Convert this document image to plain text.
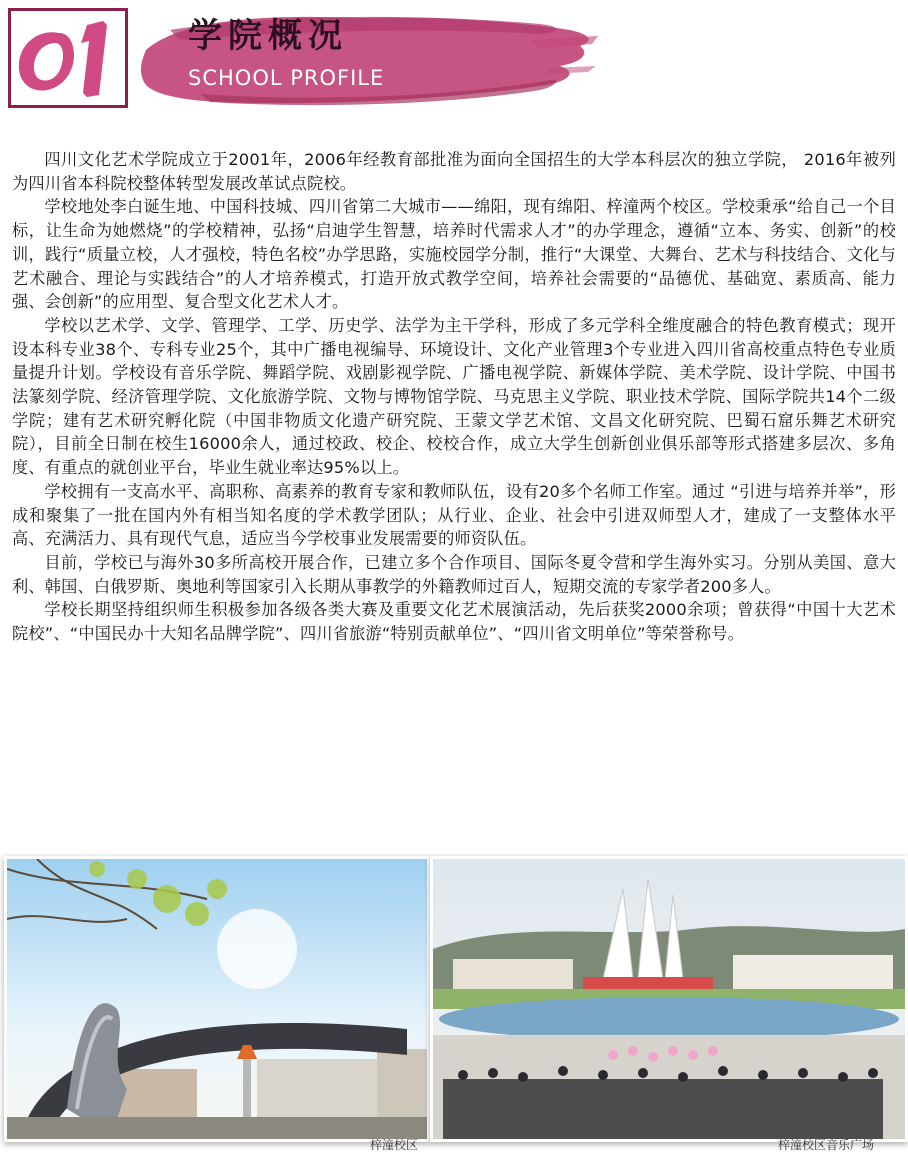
学院概况
SCHOOL PROFILE

四川文化艺术学院成立于2001年，2006年经教育部批准为面向全国招生的大学本科层次的独立学院， 2016年被列为四川省本科院校整体转型发展改革试点院校。

学校地处李白诞生地、中国科技城、四川省第二大城市——绵阳，现有绵阳、梓潼两个校区。学校秉承“给自己一个目标，让生命为她燃烧”的学校精神，弘扬“启迪学生智慧，培养时代需求人才”的办学理念，遵循“立本、务实、创新”的校训，践行“质量立校，人才强校，特色名校”办学思路，实施校园学分制，推行“大课堂、大舞台、艺术与科技结合、文化与艺术融合、理论与实践结合”的人才培养模式，打造开放式教学空间，培养社会需要的“品德优、基础宽、素质高、能力强、会创新”的应用型、复合型文化艺术人才。

学校以艺术学、文学、管理学、工学、历史学、法学为主干学科，形成了多元学科全维度融合的特色教育模式；现开设本科专业38个、专科专业25个，其中广播电视编导、环境设计、文化产业管理3个专业进入四川省高校重点特色专业质量提升计划。学校设有音乐学院、舞蹈学院、戏剧影视学院、广播电视学院、新媒体学院、美术学院、设计学院、中国书法篆刻学院、经济管理学院、文化旅游学院、文物与博物馆学院、马克思主义学院、职业技术学院、国际学院共14个二级学院；建有艺术研究孵化院（中国非物质文化遗产研究院、王蒙文学艺术馆、文昌文化研究院、巴蜀石窟乐舞艺术研究院），目前全日制在校生16000余人，通过校政、校企、校校合作，成立大学生创新创业俱乐部等形式搭建多层次、多角度、有重点的就创业平台，毕业生就业率达95%以上。

学校拥有一支高水平、高职称、高素养的教育专家和教师队伍，设有20多个名师工作室。通过 “引进与培养并举”，形成和聚集了一批在国内外有相当知名度的学术教学团队；从行业、企业、社会中引进双师型人才，建成了一支整体水平高、充满活力、具有现代气息，适应当今学校事业发展需要的师资队伍。

目前，学校已与海外30多所高校开展合作，已建立多个合作项目、国际冬夏令营和学生海外实习。分别从美国、意大利、韩国、白俄罗斯、奥地利等国家引入长期从事教学的外籍教师过百人，短期交流的专家学者200多人。

学校长期坚持组织师生积极参加各级各类大赛及重要文化艺术展演活动，先后获奖2000余项；曾获得“中国十大艺术院校”、“中国民办十大知名品牌学院”、四川省旅游“特别贡献单位”、“四川省文明单位”等荣誉称号。

梓潼校区	梓潼校区音乐广场
